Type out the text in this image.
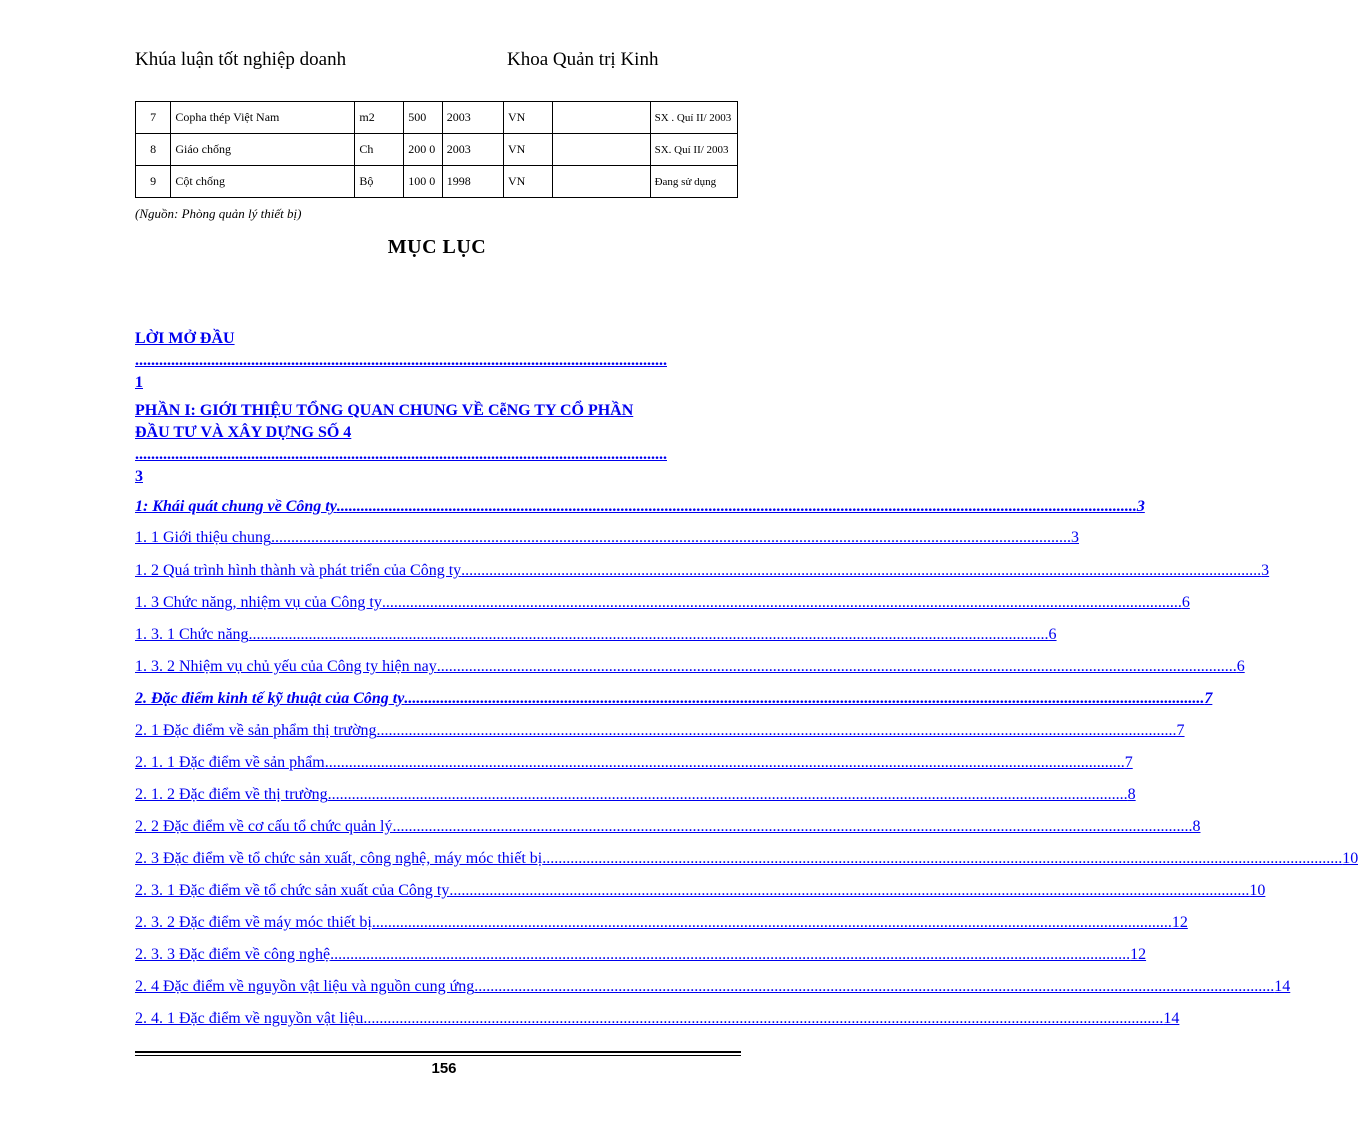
Khúa luận tốt nghiệp doanh	Khoa Quản trị Kinh
7	Copha thép Việt Nam	m2	500	2003	VN		SX . Quí II/ 2003
8	Giáo chống	Ch	200 0	2003	VN		SX. Quí II/ 2003
9	Cột chống	Bộ	100 0	1998	VN		Đang sử dụng
(Nguồn: Phòng quản lý thiết bị)
MỤC LỤC
LỜI MỞ ĐẦU
.....................................................................................................................................
1
PHẦN I: GIỚI THIỆU TỔNG QUAN CHUNG VỀ CễNG TY CỔ PHẦN
ĐẦU TƯ VÀ XÂY DỰNG SỐ 4
.....................................................................................................................................
3
1: Khái quát chung về Công ty ........................................................................................................................................................................................................ 3
1. 1 Giới thiệu chung ........................................................................................................................................................................................................ 3
1. 2 Quá trình hình thành và phát triển của Công ty ........................................................................................................................................................................................................ 3
1. 3 Chức năng, nhiệm vụ của Công ty ........................................................................................................................................................................................................ 6
1. 3. 1 Chức năng ........................................................................................................................................................................................................ 6
1. 3. 2 Nhiệm vụ chủ yếu của Công ty hiện nay ........................................................................................................................................................................................................ 6
2. Đặc điểm kinh tế kỹ thuật của Công ty ........................................................................................................................................................................................................ 7
2. 1 Đặc điểm về sản phẩm thị trường ........................................................................................................................................................................................................ 7
2. 1. 1 Đặc điểm về sản phẩm ........................................................................................................................................................................................................ 7
2. 1. 2 Đặc điểm về thị trường ........................................................................................................................................................................................................ 8
2. 2 Đặc điểm về cơ cấu tổ chức quản lý ........................................................................................................................................................................................................ 8
2. 3 Đặc điểm về tổ chức sản xuất, công nghệ, máy móc thiết bị ........................................................................................................................................................................................................ 10
2. 3. 1 Đặc điểm về tổ chức sản xuất của Công ty ........................................................................................................................................................................................................ 10
2. 3. 2 Đặc điểm về máy móc thiết bị ........................................................................................................................................................................................................ 12
2. 3. 3 Đặc điểm về công nghệ ........................................................................................................................................................................................................ 12
2. 4 Đặc điểm về nguyồn vật liệu và nguồn cung ứng ........................................................................................................................................................................................................ 14
2. 4. 1 Đặc điểm về nguyồn vật liệu ........................................................................................................................................................................................................ 14
156
